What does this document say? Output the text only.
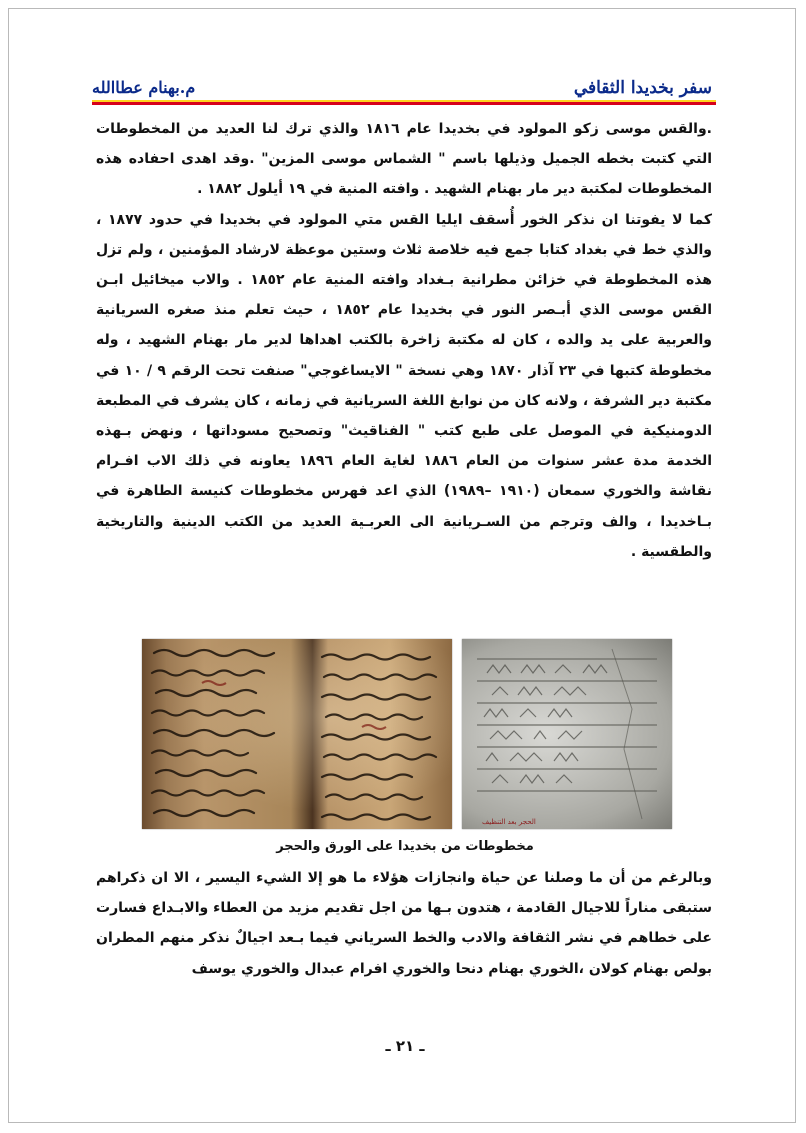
سفر بخديدا الثقافي
م.بهنام عطاالله

.والقس موسى زكو المولود في بخديدا عام ١٨١٦ والذي ترك لنا العديد من المخطوطات التي كتبت بخطه الجميل وذيلها باسم " الشماس موسى المزين" .وقد اهدى احفاده هذه المخطوطات لمكتبة دير مار بهنام الشهيد . وافته المنية في ١٩ أيلول ١٨٨٢ .

كما لا يفوتنا ان نذكر الخور أُسقف ايليا القس متي المولود في بخديدا في حدود ١٨٧٧ ، والذي خط في بغداد كتابا جمع فيه خلاصة ثلاث وستين موعظة لارشاد المؤمنين ، ولم تزل هذه المخطوطة في خزائن مطرانية بـغداد وافته المنية عام ١٨٥٢ . والاب ميخائيل ابـن القس موسى الذي أبـصر النور في بخديدا عام ١٨٥٢ ، حيث تعلم منذ صغره السريانية والعربية على يد والده ، كان له مكتبة زاخرة بالكتب اهداها لدير مار بهنام الشهيد ، وله مخطوطة كتبها في ٢٣ آذار ١٨٧٠ وهي نسخة " الايساغوجي" صنفت تحت الرقم ٩ / ١٠ في مكتبة دير الشرفة ، ولانه كان من نوابغ اللغة السريانية في زمانه ، كان يشرف في المطبعة الدومنيكية في الموصل على طبع كتب " الفناقيث" وتصحيح مسوداتها ، ونهض بـهذه الخدمة مدة عشر سنوات من العام ١٨٨٦ لغاية العام ١٨٩٦ يعاونه في ذلك الاب افـرام نقاشة والخوري سمعان (١٩١٠ –١٩٨٩) الذي اعد فهرس مخطوطات كنيسة الطاهرة في بـاخديدا ، والف وترجم من السـريانية الى العربـية العديد من الكتب الدينية والتاريخية والطقسية .

الحجر بعد التنظيف
مخطوطات من بخديدا على الورق والحجر

وبالرغم من أن ما وصلنا عن حياة وانجازات هؤلاء ما هو إلا الشيء اليسير ، الا ان ذكراهم ستبقى مناراً للاجيال القادمة ، هتدون بـها من اجل تقديم مزيد من العطاء والابـداع فسارت على خطاهم في نشر الثقافة والادب والخط السرياني فيما بـعد اجيالٌ نذكر منهم المطران بولص بهنام كولان ،الخوري بهنام دنحا والخوري افرام عبدال والخوري يوسف

ـ ٢١ ـ
